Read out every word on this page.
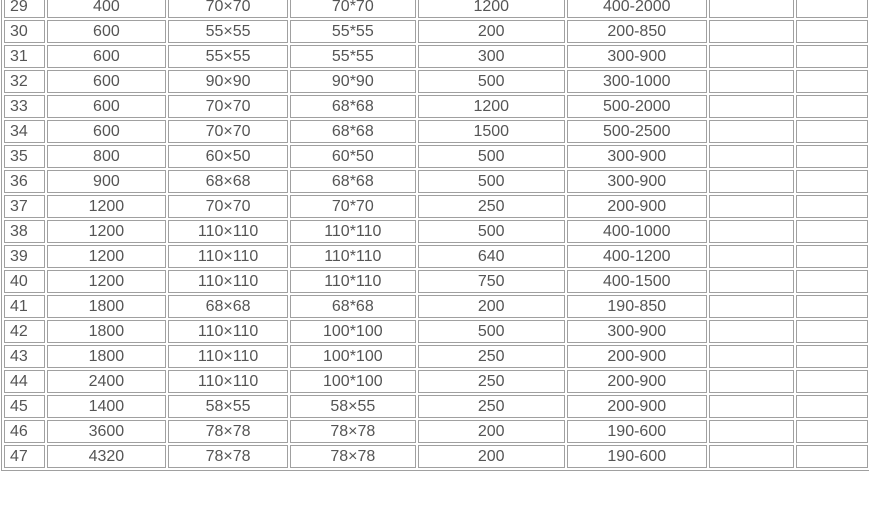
29	400	70×70	70*70	1200	400-2000		
30	600	55×55	55*55	200	200-850		
31	600	55×55	55*55	300	300-900		
32	600	90×90	90*90	500	300-1000		
33	600	70×70	68*68	1200	500-2000		
34	600	70×70	68*68	1500	500-2500		
35	800	60×50	60*50	500	300-900		
36	900	68×68	68*68	500	300-900		
37	1200	70×70	70*70	250	200-900		
38	1200	110×110	110*110	500	400-1000		
39	1200	110×110	110*110	640	400-1200		
40	1200	110×110	110*110	750	400-1500		
41	1800	68×68	68*68	200	190-850		
42	1800	110×110	100*100	500	300-900		
43	1800	110×110	100*100	250	200-900		
44	2400	110×110	100*100	250	200-900		
45	1400	58×55	58×55	250	200-900		
46	3600	78×78	78×78	200	190-600		
47	4320	78×78	78×78	200	190-600		
